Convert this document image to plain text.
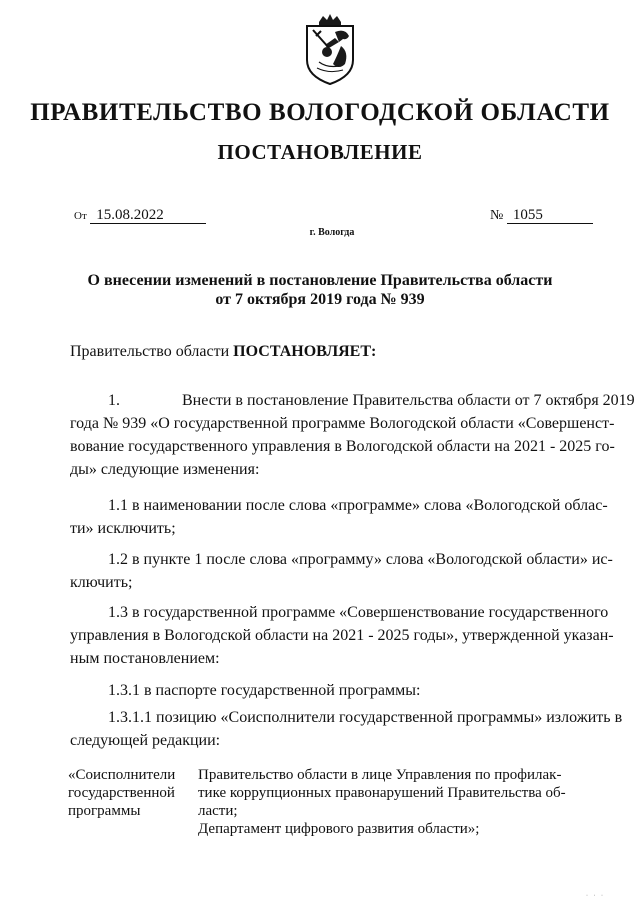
ПРАВИТЕЛЬСТВО ВОЛОГОДСКОЙ ОБЛАСТИ
ПОСТАНОВЛЕНИЕ
От 15.08.2022	№ 1055
г. Вологда
О внесении изменений в постановление Правительства области
от 7 октября 2019 года № 939
Правительство области ПОСТАНОВЛЯЕТ:
1.	Внести в постановление Правительства области от 7 октября 2019
года № 939 «О государственной программе Вологодской области «Совершенст-
вование государственного управления в Вологодской области на 2021 - 2025 го-
ды» следующие изменения:
1.1 в наименовании после слова «программе» слова «Вологодской облас-
ти» исключить;
1.2 в пункте 1 после слова «программу» слова «Вологодской области» ис-
ключить;
1.3 в государственной программе «Совершенствование государственного
управления в Вологодской области на 2021 - 2025 годы», утвержденной указан-
ным постановлением:
1.3.1 в паспорте государственной программы:
1.3.1.1 позицию «Соисполнители государственной программы» изложить в
следующей редакции:
«Соисполнители
государственной
программы
Правительство области в лице Управления по профилак-
тике коррупционных правонарушений Правительства об-
ласти;
Департамент цифрового развития области»;
· · ·
